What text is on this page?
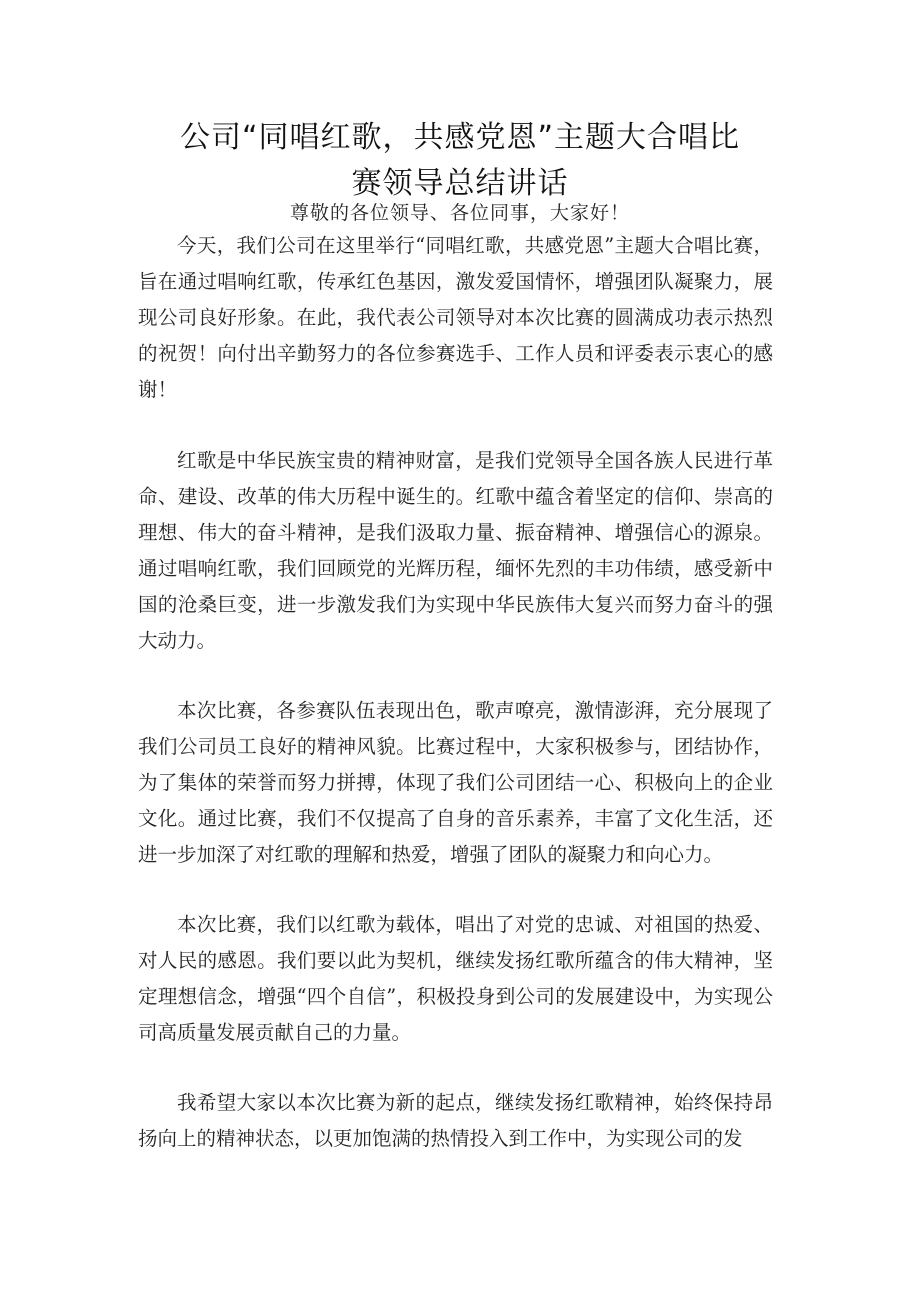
公司“同唱红歌，共感党恩”主题大合唱比
赛领导总结讲话
尊敬的各位领导、各位同事，大家好！

今天，我们公司在这里举行“同唱红歌，共感党恩”主题大合唱比赛，旨在通过唱响红歌，传承红色基因，激发爱国情怀，增强团队凝聚力，展现公司良好形象。在此，我代表公司领导对本次比赛的圆满成功表示热烈的祝贺！向付出辛勤努力的各位参赛选手、工作人员和评委表示衷心的感谢！

红歌是中华民族宝贵的精神财富，是我们党领导全国各族人民进行革命、建设、改革的伟大历程中诞生的。红歌中蕴含着坚定的信仰、崇高的理想、伟大的奋斗精神，是我们汲取力量、振奋精神、增强信心的源泉。通过唱响红歌，我们回顾党的光辉历程，缅怀先烈的丰功伟绩，感受新中国的沧桑巨变，进一步激发我们为实现中华民族伟大复兴而努力奋斗的强大动力。

本次比赛，各参赛队伍表现出色，歌声嘹亮，激情澎湃，充分展现了我们公司员工良好的精神风貌。比赛过程中，大家积极参与，团结协作，为了集体的荣誉而努力拼搏，体现了我们公司团结一心、积极向上的企业文化。通过比赛，我们不仅提高了自身的音乐素养，丰富了文化生活，还进一步加深了对红歌的理解和热爱，增强了团队的凝聚力和向心力。

本次比赛，我们以红歌为载体，唱出了对党的忠诚、对祖国的热爱、对人民的感恩。我们要以此为契机，继续发扬红歌所蕴含的伟大精神，坚定理想信念，增强“四个自信”，积极投身到公司的发展建设中，为实现公司高质量发展贡献自己的力量。

我希望大家以本次比赛为新的起点，继续发扬红歌精神，始终保持昂扬向上的精神状态，以更加饱满的热情投入到工作中，为实现公司的发
